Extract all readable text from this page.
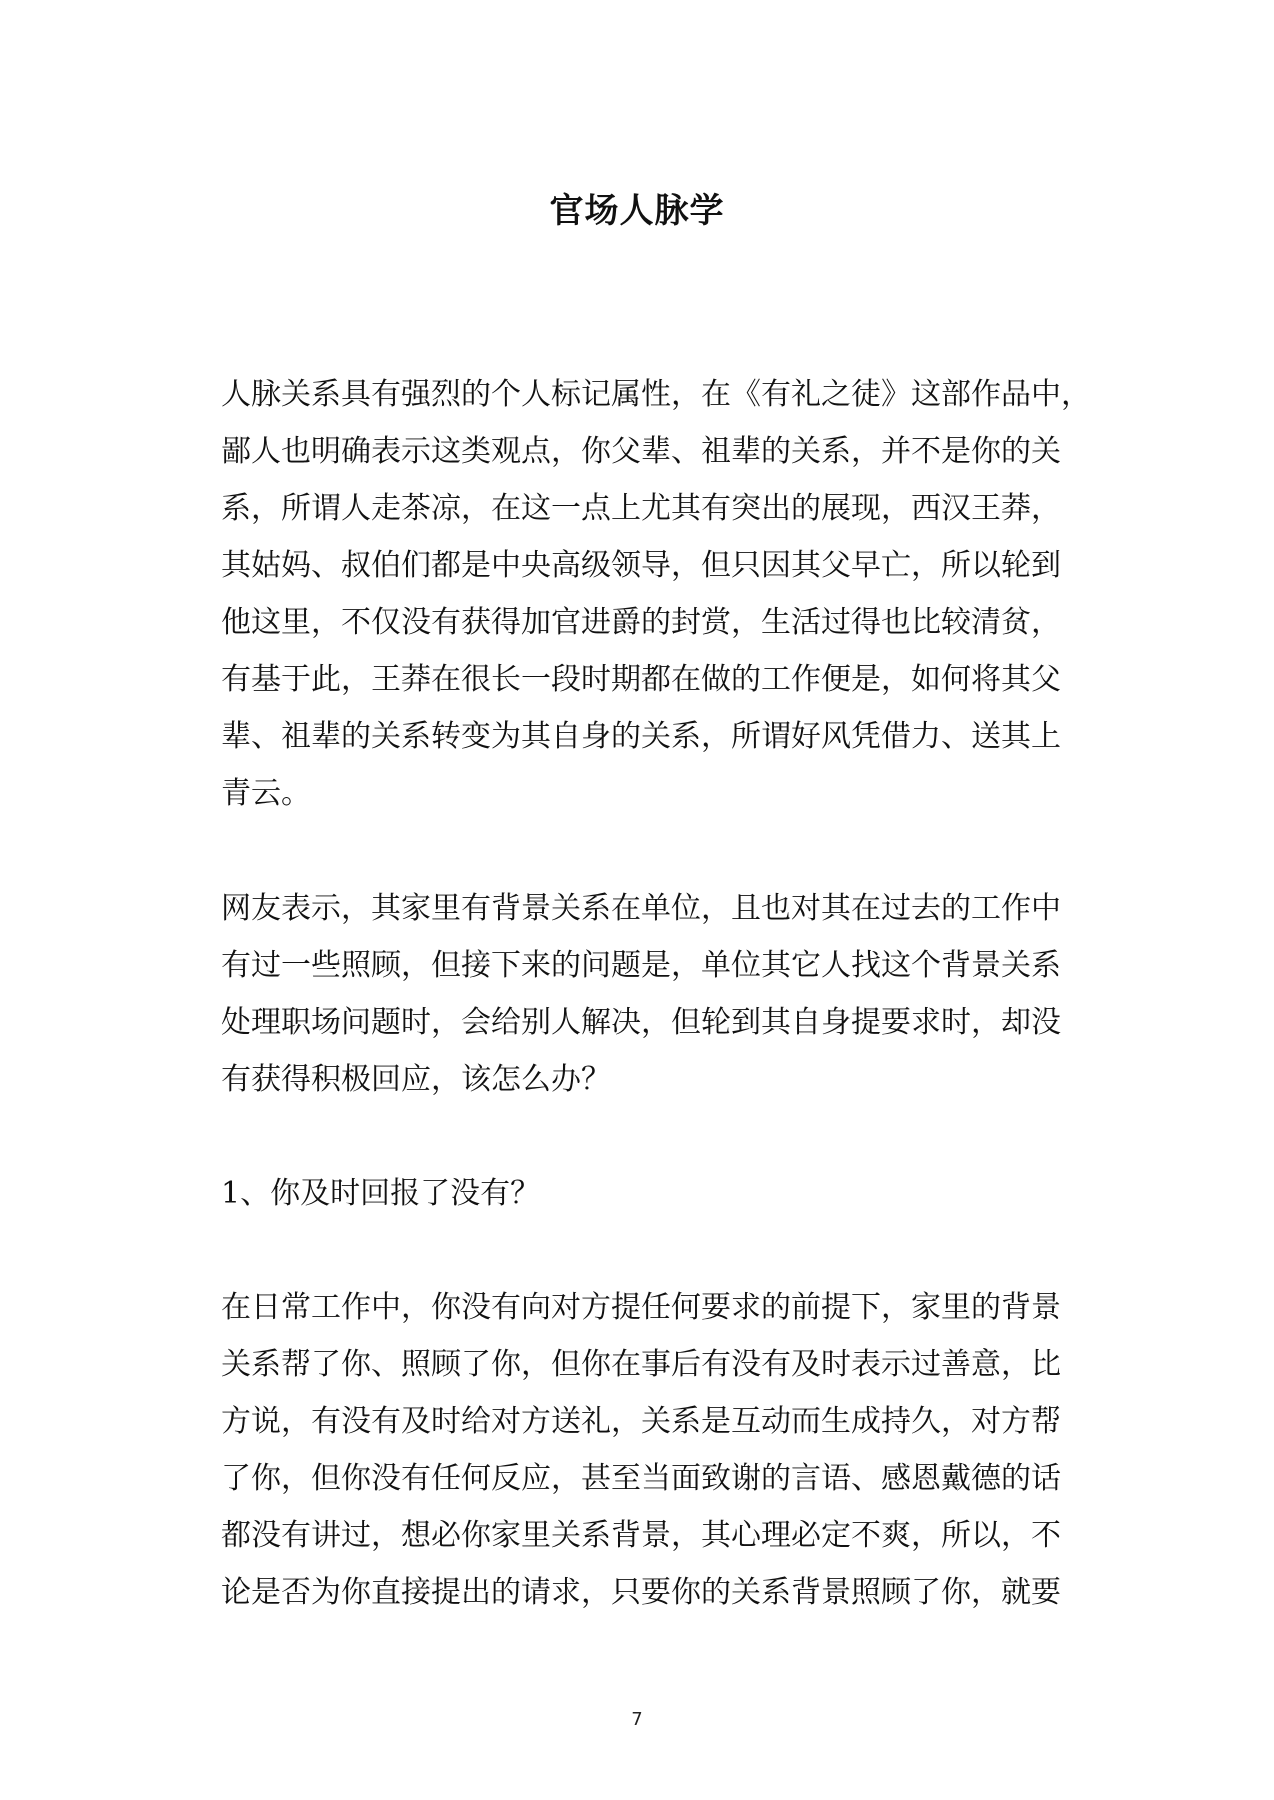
官场人脉学
人脉关系具有强烈的个人标记属性，在《有礼之徒》这部作品中，
鄙人也明确表示这类观点，你父辈、祖辈的关系，并不是你的关
系，所谓人走茶凉，在这一点上尤其有突出的展现，西汉王莽，
其姑妈、叔伯们都是中央高级领导，但只因其父早亡，所以轮到
他这里，不仅没有获得加官进爵的封赏，生活过得也比较清贫，
有基于此，王莽在很长一段时期都在做的工作便是，如何将其父
辈、祖辈的关系转变为其自身的关系，所谓好风凭借力、送其上
青云。
网友表示，其家里有背景关系在单位，且也对其在过去的工作中
有过一些照顾，但接下来的问题是，单位其它人找这个背景关系
处理职场问题时，会给别人解决，但轮到其自身提要求时，却没
有获得积极回应，该怎么办？
1、你及时回报了没有？
在日常工作中，你没有向对方提任何要求的前提下，家里的背景
关系帮了你、照顾了你，但你在事后有没有及时表示过善意，比
方说，有没有及时给对方送礼，关系是互动而生成持久，对方帮
了你，但你没有任何反应，甚至当面致谢的言语、感恩戴德的话
都没有讲过，想必你家里关系背景，其心理必定不爽，所以，不
论是否为你直接提出的请求，只要你的关系背景照顾了你，就要
7
